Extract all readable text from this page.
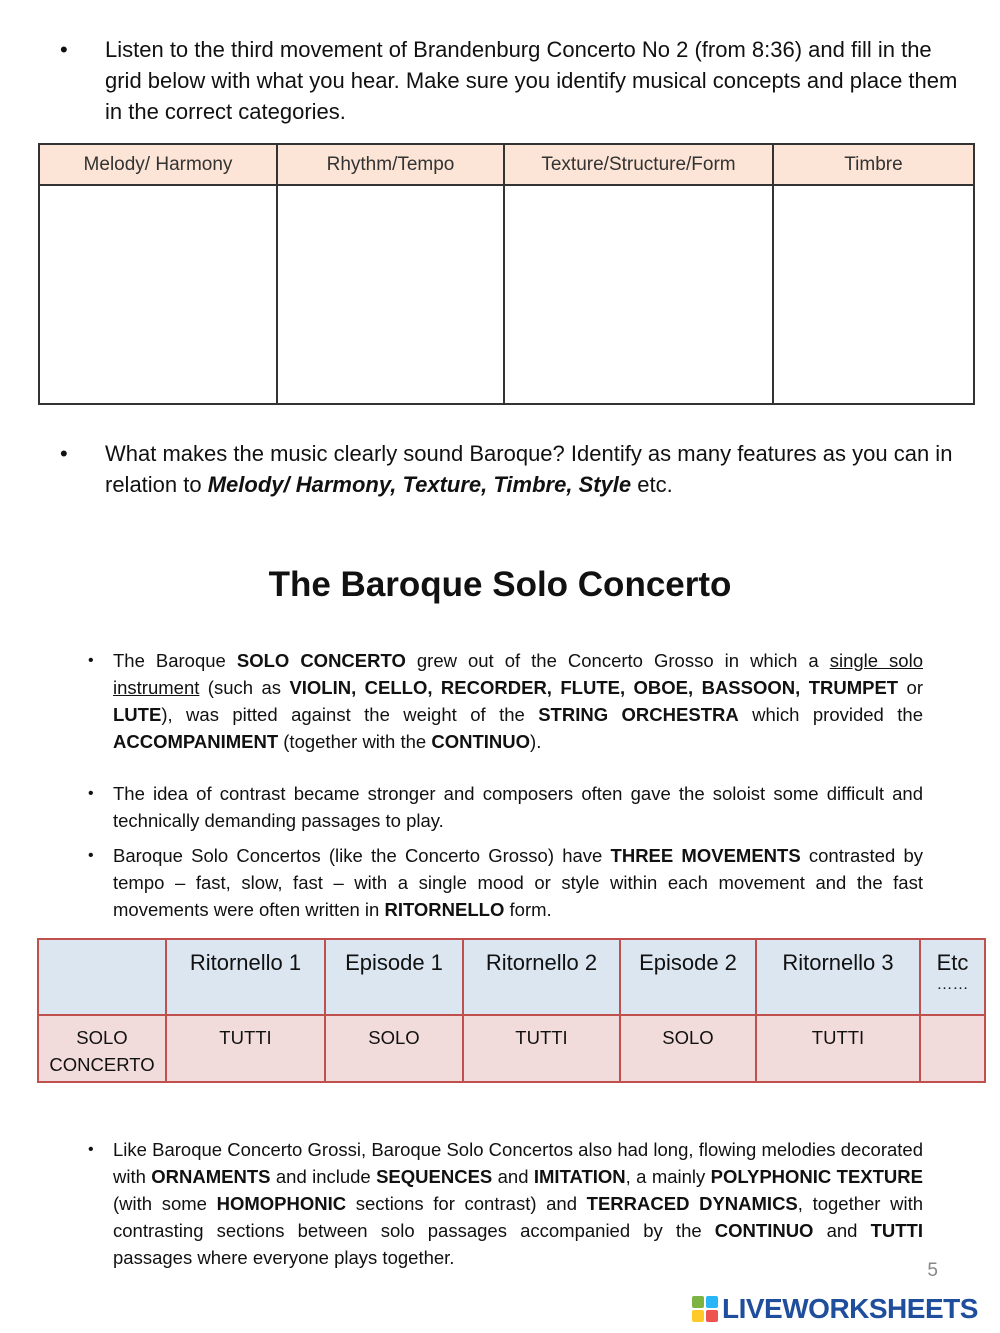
• Listen to the third movement of Brandenburg Concerto No 2 (from 8:36) and fill in the grid below with what you hear. Make sure you identify musical concepts and place them in the correct categories.
Melody/ Harmony	Rhythm/Tempo	Texture/Structure/Form	Timbre

• What makes the music clearly sound Baroque? Identify as many features as you can in relation to Melody/ Harmony, Texture, Timbre, Style etc.
The Baroque Solo Concerto
• The Baroque SOLO CONCERTO grew out of the Concerto Grosso in which a single solo instrument (such as VIOLIN, CELLO, RECORDER, FLUTE, OBOE, BASSOON, TRUMPET or LUTE), was pitted against the weight of the STRING ORCHESTRA which provided the ACCOMPANIMENT (together with the CONTINUO).
• The idea of contrast became stronger and composers often gave the soloist some difficult and technically demanding passages to play.
• Baroque Solo Concertos (like the Concerto Grosso) have THREE MOVEMENTS contrasted by tempo – fast, slow, fast – with a single mood or style within each movement and the fast movements were often written in RITORNELLO form.
	Ritornello 1	Episode 1	Ritornello 2	Episode 2	Ritornello 3	Etc
……

SOLO CONCERTO	TUTTI	SOLO	TUTTI	SOLO	TUTTI	
• Like Baroque Concerto Grossi, Baroque Solo Concertos also had long, flowing melodies decorated with ORNAMENTS and include SEQUENCES and IMITATION, a mainly POLYPHONIC TEXTURE (with some HOMOPHONIC sections for contrast) and TERRACED DYNAMICS, together with contrasting sections between solo passages accompanied by the CONTINUO and TUTTI passages where everyone plays together.
5
LIVEWORKSHEETS
